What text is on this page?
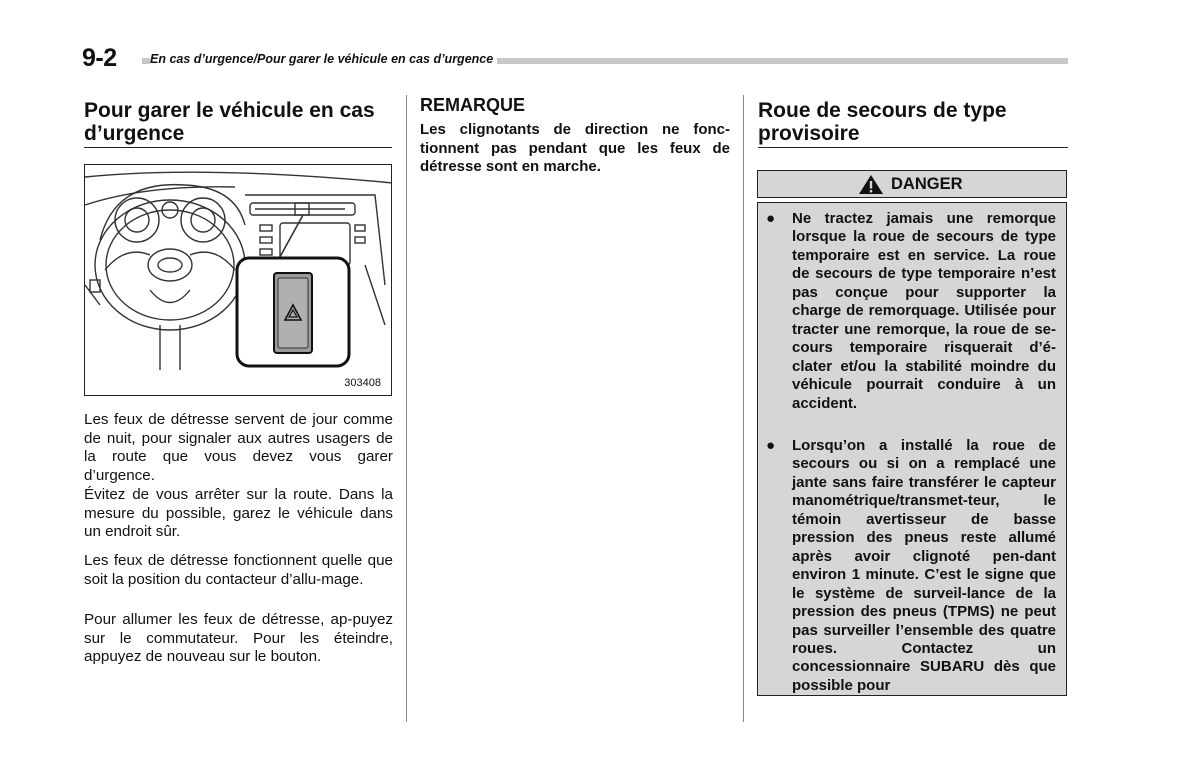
9-2	En cas d’urgence/Pour garer le véhicule en cas d’urgence
Pour garer le véhicule en cas
d’urgence
303408

Les feux de détresse servent de jour comme de nuit, pour signaler aux autres usagers de la route que vous devez vous garer d’urgence.

Évitez de vous arrêter sur la route. Dans la mesure du possible, garez le véhicule dans un endroit sûr.

Les feux de détresse fonctionnent quelle que soit la position du contacteur d’allu-mage.

Pour allumer les feux de détresse, ap-puyez sur le commutateur. Pour les éteindre, appuyez de nouveau sur le bouton.

REMARQUE

Les clignotants de direction ne fonc-tionnent pas pendant que les feux de détresse sont en marche.

Roue de secours de type
provisoire
DANGER
●	Ne tractez jamais une remorque lorsque la roue de secours de type temporaire est en service. La roue de secours de type temporaire n’est pas conçue pour supporter la charge de remorquage. Utilisée pour tracter une remorque, la roue de se-cours temporaire risquerait d’é-clater et/ou la stabilité moindre du véhicule pourrait conduire à un accident.
●	Lorsqu’on a installé la roue de secours ou si on a remplacé une jante sans faire transférer le capteur manométrique/transmet-teur, le témoin avertisseur de basse pression des pneus reste allumé après avoir clignoté pen-dant environ 1 minute. C’est le signe que le système de surveil-lance de la pression des pneus (TPMS) ne peut pas surveiller l’ensemble des quatre roues. Contactez un concessionnaire SUBARU dès que possible pour
